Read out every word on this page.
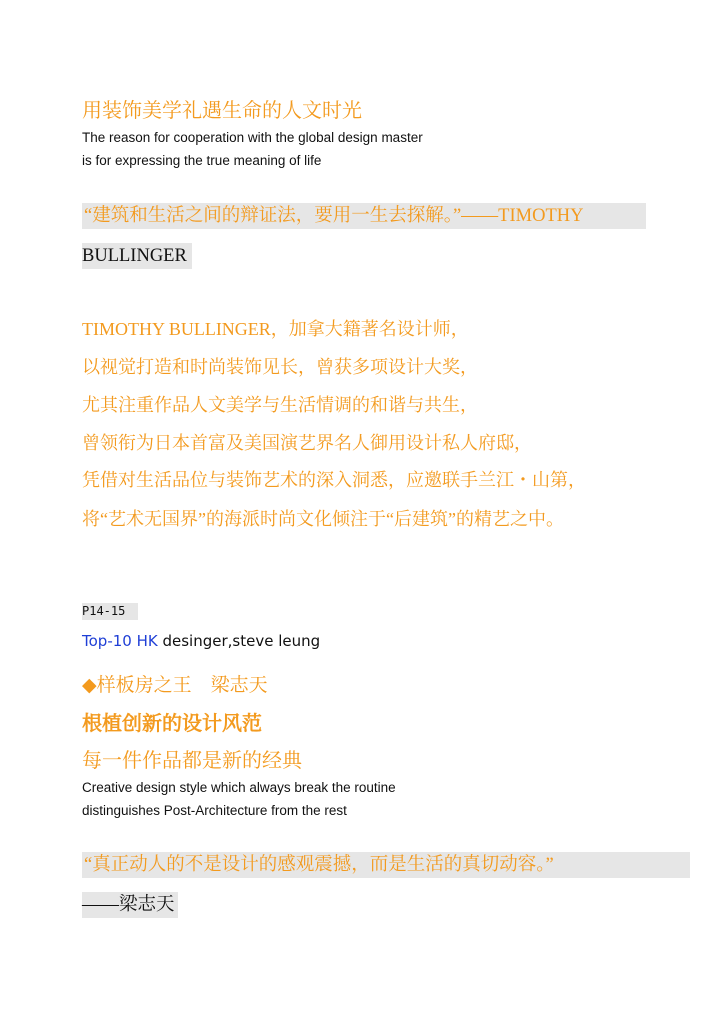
用装饰美学礼遇生命的人文时光
The reason for cooperation with the global design master
is for expressing the true meaning of life
“建筑和生活之间的辩证法，要用一生去探解。”——TIMOTHY
BULLINGER
TIMOTHY BULLINGER，加拿大籍著名设计师，
以视觉打造和时尚装饰见长，曾获多项设计大奖，
尤其注重作品人文美学与生活情调的和谐与共生，
曾领衔为日本首富及美国演艺界名人御用设计私人府邸，
凭借对生活品位与装饰艺术的深入洞悉，应邀联手兰江・山第，
将“艺术无国界”的海派时尚文化倾注于“后建筑”的精艺之中。
P14-15
Top-10 HK desinger,steve leung
◆样板房之王　梁志天
根植创新的设计风范
每一件作品都是新的经典
Creative design style which always break the routine
distinguishes Post-Architecture from the rest
“真正动人的不是设计的感观震撼，而是生活的真切动容。”
——梁志天
